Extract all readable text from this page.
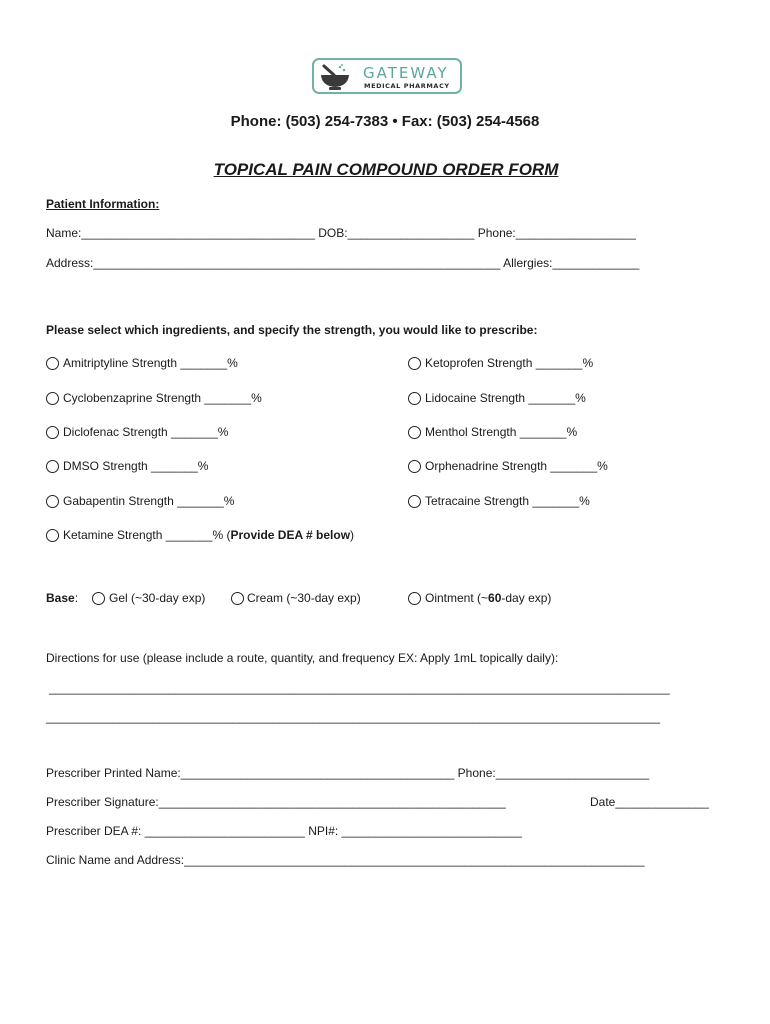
GATEWAY
MEDICAL PHARMACY
Phone: (503) 254-7383 • Fax: (503) 254-4568
TOPICAL PAIN COMPOUND ORDER FORM
Patient Information:
Name:___________________________________ DOB:___________________ Phone:__________________
Address:_____________________________________________________________ Allergies:_____________
Please select which ingredients, and specify the strength, you would like to prescribe:
Amitriptyline Strength _______%	Ketoprofen Strength _______%
Cyclobenzaprine Strength _______%	Lidocaine Strength _______%
Diclofenac Strength _______%	Menthol Strength _______%
DMSO Strength _______%	Orphenadrine Strength _______%
Gabapentin Strength _______%	Tetracaine Strength _______%
Ketamine Strength _______% (Provide DEA # below)
Base:	Gel (~30-day exp)	Cream (~30-day exp)	Ointment (~60-day exp)
Directions for use (please include a route, quantity, and frequency EX: Apply 1mL topically daily):
_____________________________________________________________________________________________
____________________________________________________________________________________________
Prescriber Printed Name:_________________________________________ Phone:_______________________
Prescriber Signature:____________________________________________________	Date______________
Prescriber DEA #: ________________________ NPI#: ___________________________
Clinic Name and Address:_____________________________________________________________________
